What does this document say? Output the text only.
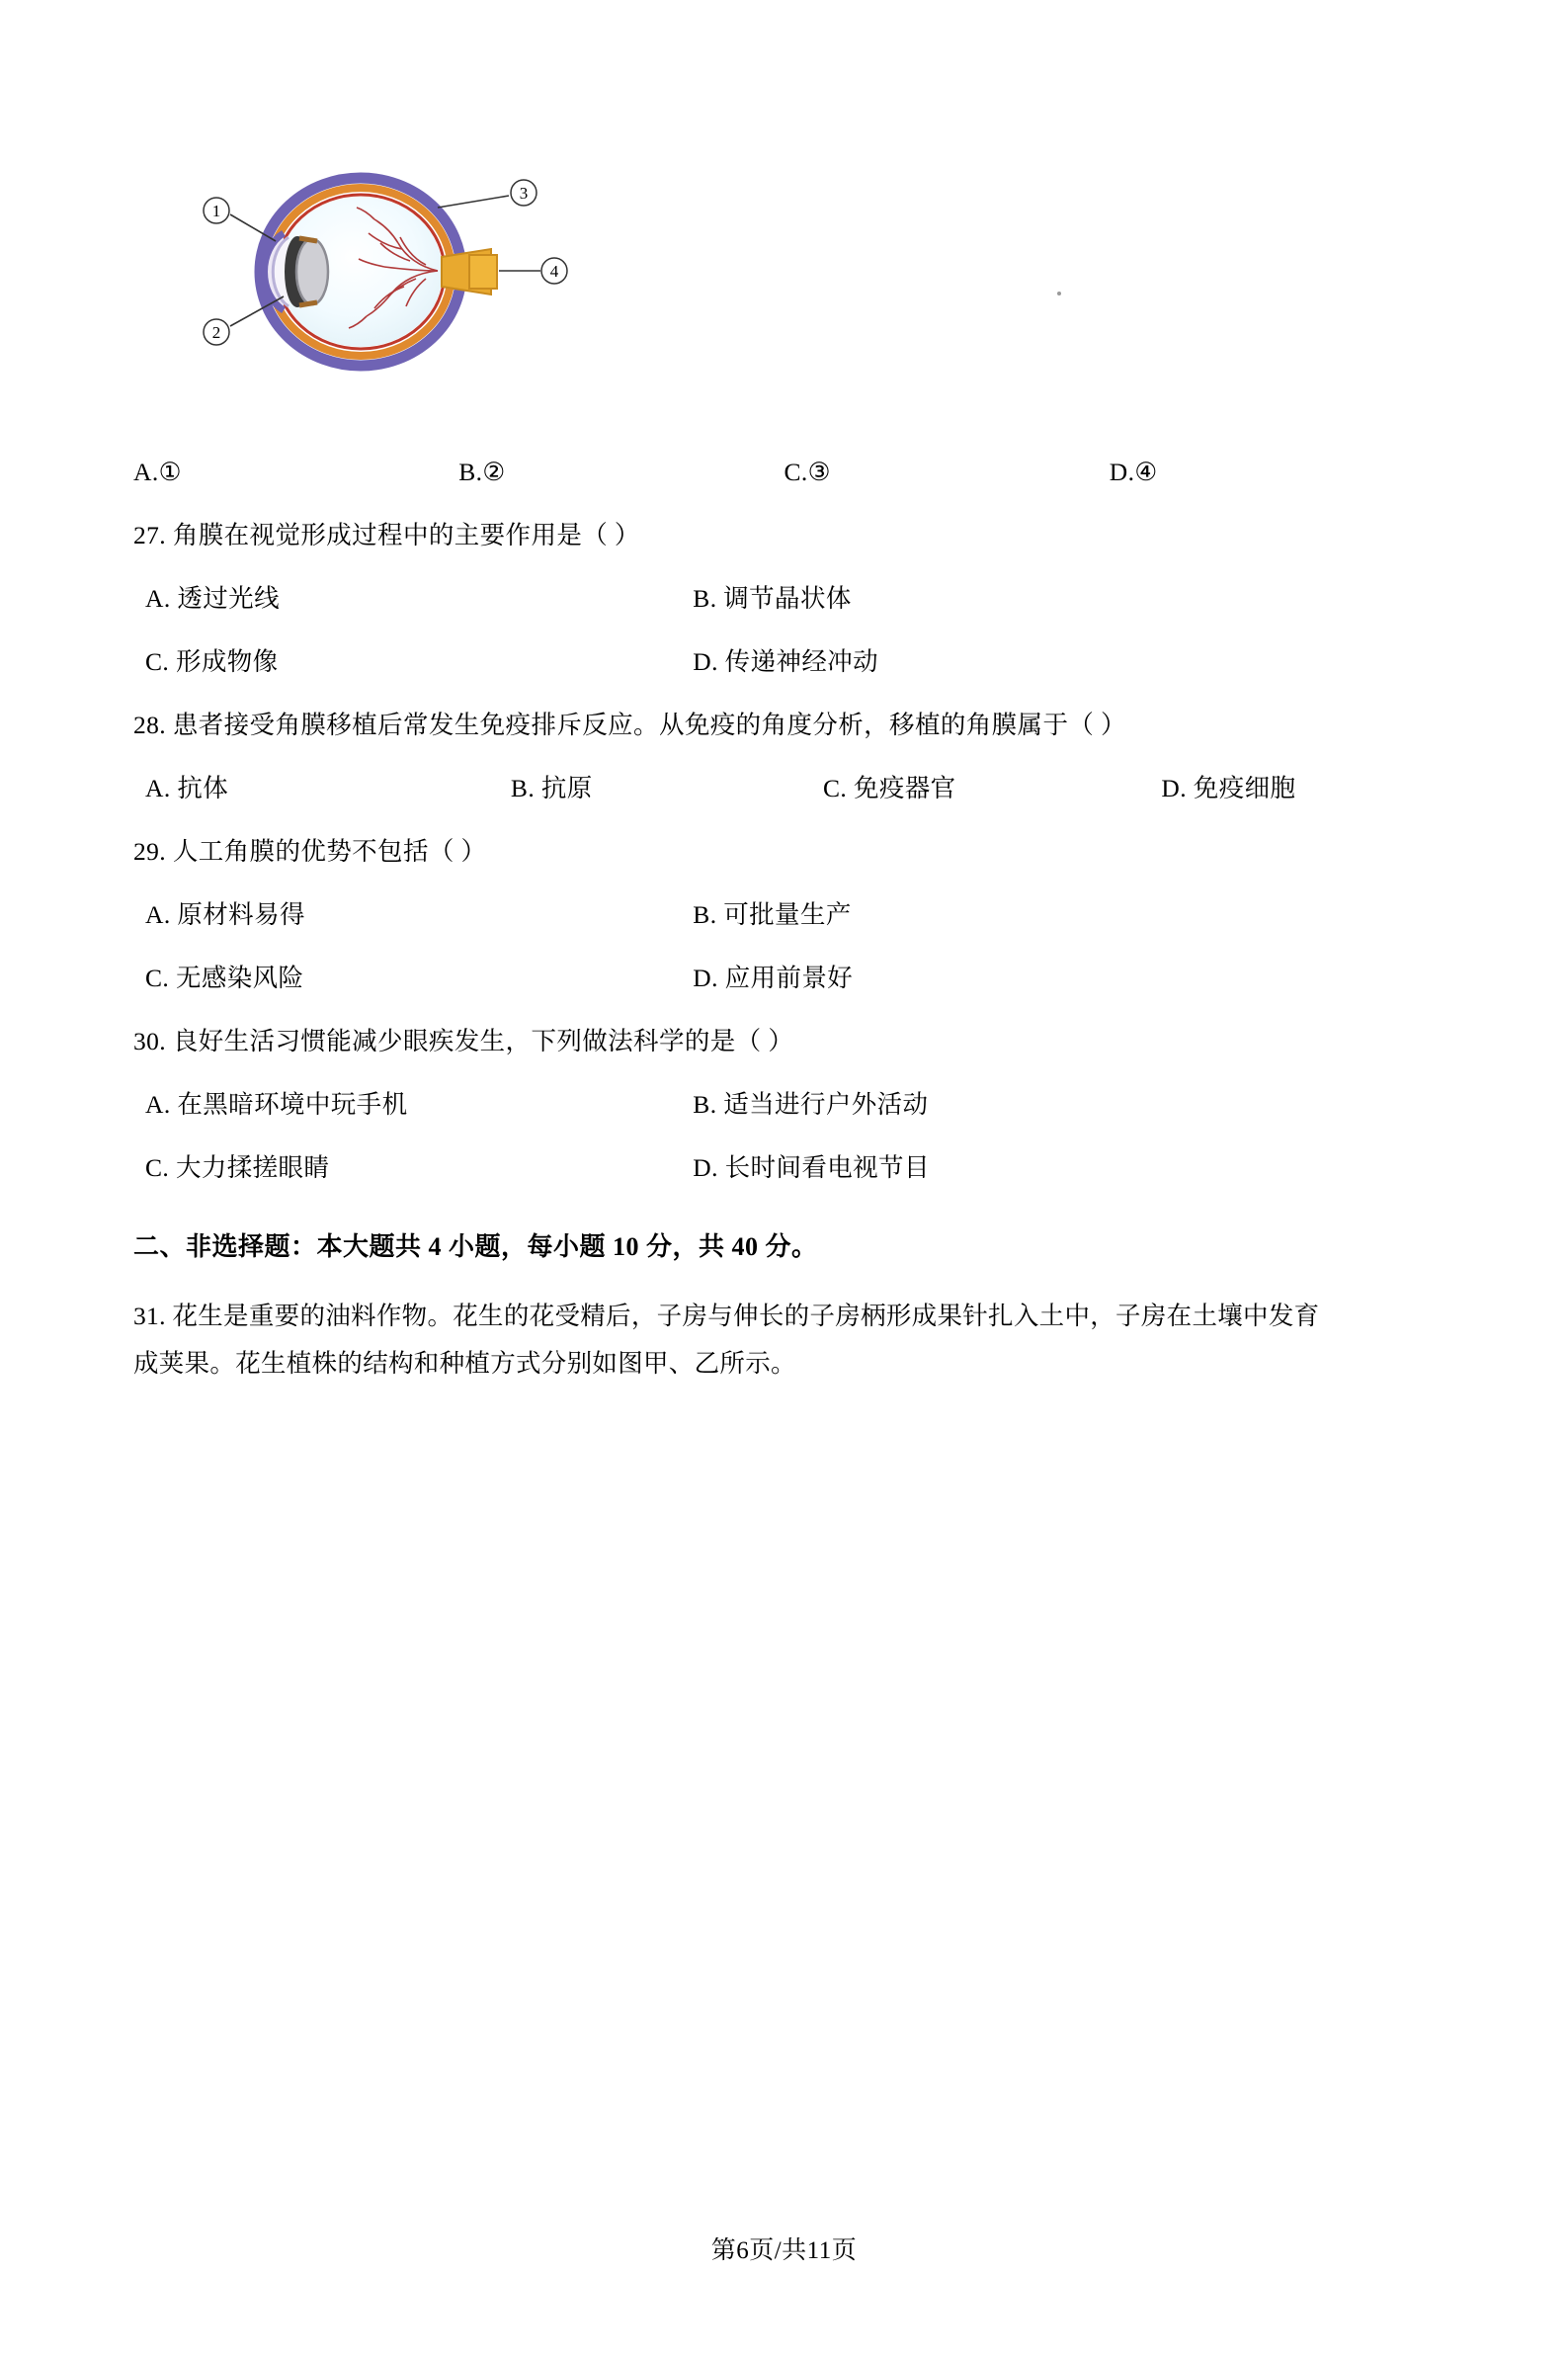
1
2
3
4
A.①	B.②	C.③	D.④

27. 角膜在视觉形成过程中的主要作用是（ ）

A. 透过光线	B. 调节晶状体
C. 形成物像	D. 传递神经冲动

28. 患者接受角膜移植后常发生免疫排斥反应。从免疫的角度分析，移植的角膜属于（ ）

A. 抗体	B. 抗原	C. 免疫器官	D. 免疫细胞

29. 人工角膜的优势不包括（ ）

A. 原材料易得	B. 可批量生产
C. 无感染风险	D. 应用前景好

30. 良好生活习惯能减少眼疾发生，下列做法科学的是（ ）

A. 在黑暗环境中玩手机	B. 适当进行户外活动
C. 大力揉搓眼睛	D. 长时间看电视节目

二、非选择题：本大题共 4 小题，每小题 10 分，共 40 分。

31. 花生是重要的油料作物。花生的花受精后，子房与伸长的子房柄形成果针扎入土中，子房在土壤中发育

成荚果。花生植株的结构和种植方式分别如图甲、乙所示。

第6页/共11页
